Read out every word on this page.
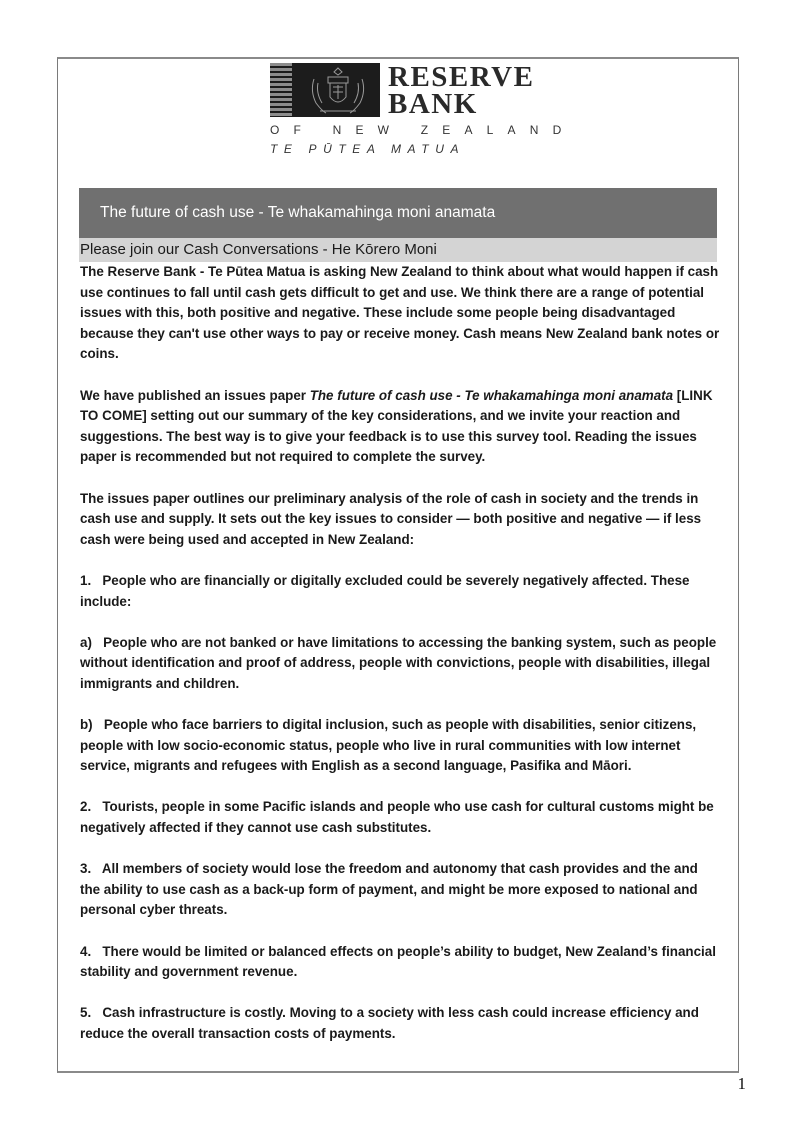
RESERVE
BANK
OF NEW ZEALAND
TE PŪTEA MATUA
The future of cash use - Te whakamahinga moni anamata
Please join our Cash Conversations - He Kōrero Moni

The Reserve Bank - Te Pūtea Matua is asking New Zealand to think about what would happen if cash use continues to fall until cash gets difficult to get and use. We think there are a range of potential issues with this, both positive and negative. These include some people being disadvantaged because they can't use other ways to pay or receive money. Cash means New Zealand bank notes or coins.

We have published an issues paper The future of cash use - Te whakamahinga moni anamata [LINK TO COME] setting out our summary of the key considerations, and we invite your reaction and suggestions. The best way is to give your feedback is to use this survey tool. Reading the issues paper is recommended but not required to complete the survey.

The issues paper outlines our preliminary analysis of the role of cash in society and the trends in cash use and supply. It sets out the key issues to consider — both positive and negative — if less cash were being used and accepted in New Zealand:

1. People who are financially or digitally excluded could be severely negatively affected. These include:

a) People who are not banked or have limitations to accessing the banking system, such as people without identification and proof of address, people with convictions, people with disabilities, illegal immigrants and children.

b) People who face barriers to digital inclusion, such as people with disabilities, senior citizens, people with low socio-economic status, people who live in rural communities with low internet service, migrants and refugees with English as a second language, Pasifika and Māori.

2. Tourists, people in some Pacific islands and people who use cash for cultural customs might be negatively affected if they cannot use cash substitutes.

3. All members of society would lose the freedom and autonomy that cash provides and the and the ability to use cash as a back-up form of payment, and might be more exposed to national and personal cyber threats.

4. There would be limited or balanced effects on people’s ability to budget, New Zealand’s financial stability and government revenue.

5.   Cash infrastructure is costly. Moving to a society with less cash could increase efficiency and reduce the overall transaction costs of payments.

1
